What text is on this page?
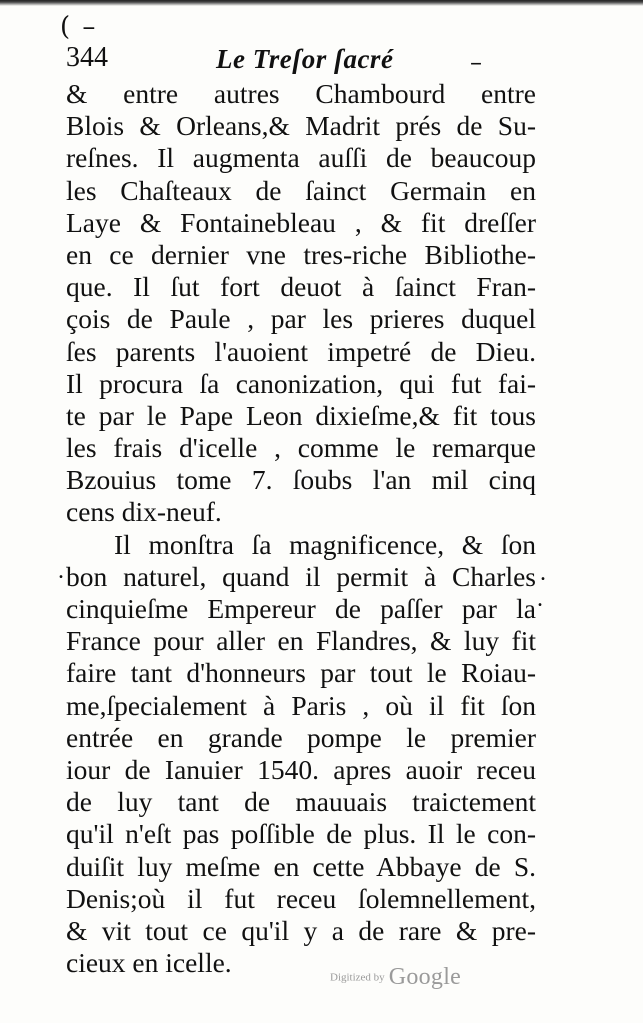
( –
344	Le Treſor ſacré	–
& entre autres Chambourd entre
Blois & Orleans,& Madrit prés de Su-
reſnes. Il augmenta auſſi de beaucoup
les Chaſteaux de ſainct Germain en
Laye & Fontainebleau , & fit dreſſer
en ce dernier vne tres-riche Bibliothe-
que. Il ſut fort deuot à ſainct Fran-
çois de Paule , par les prieres duquel
ſes parents l'auoient impetré de Dieu.
Il procura ſa canonization, qui fut fai-
te par le Pape Leon dixieſme,& fit tous
les frais d'icelle , comme le remarque
Bzouius tome 7. ſoubs l'an mil cinq
cens dix-neuf.
Il monſtra ſa magnificence, & ſon
bon naturel, quand il permit à Charles
cinquieſme Empereur de paſſer par la
France pour aller en Flandres, & luy fit
faire tant d'honneurs par tout le Roiau-
me,ſpecialement à Paris , où il fit ſon
entrée en grande pompe le premier
iour de Ianuier 1540. apres auoir receu
de luy tant de mauuais traictement
qu'il n'eſt pas poſſible de plus. Il le con-
duiſit luy meſme en cette Abbaye de S.
Denis;où il fut receu ſolemnellement,
& vit tout ce qu'il y a de rare & pre-
cieux en icelle.
.	.
.
Digitized by Google
